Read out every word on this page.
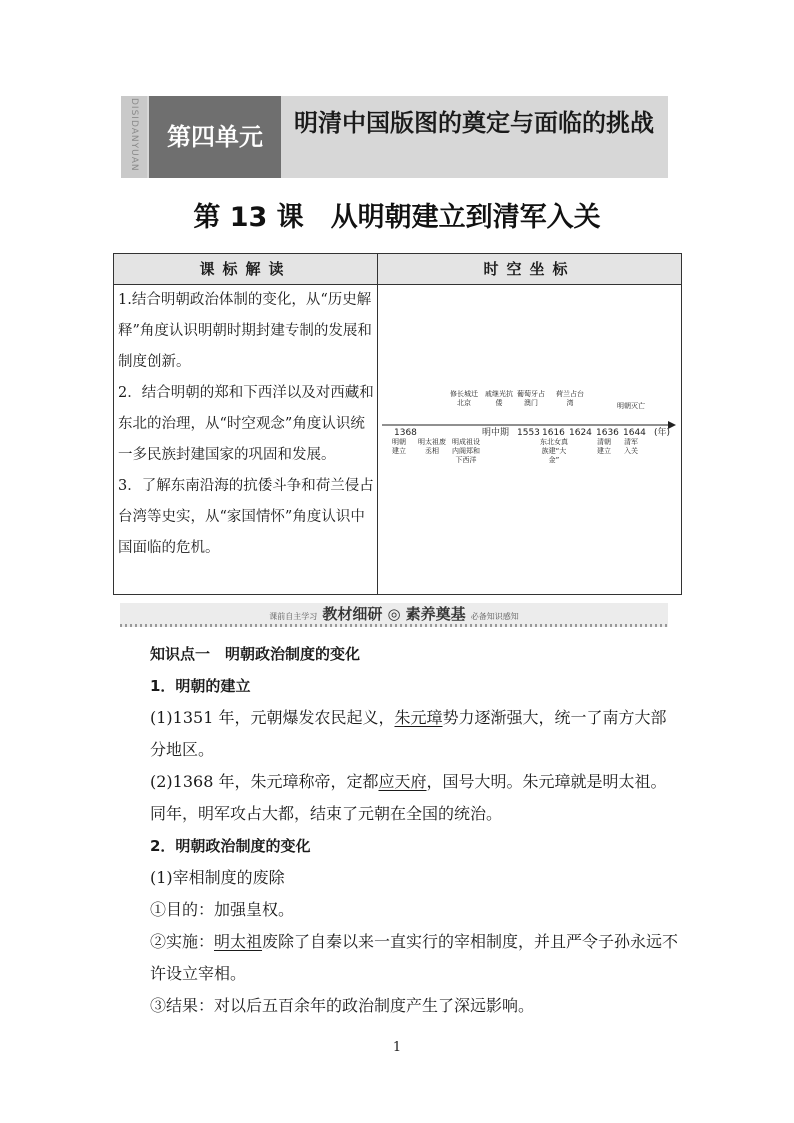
DISIDANYUAN	第四单元	明清中国版图的奠定与面临的挑战
第 13 课　从明朝建立到清军入关
课标解读	时空坐标

1.结合明朝政治体制的变化，从“历史解释”角度认识明朝时期封建专制的发展和制度创新。

2．结合明朝的郑和下西洋以及对西藏和东北的治理，从“时空观念”角度认识统一多民族封建国家的巩固和发展。

3．了解东南沿海的抗倭斗争和荷兰侵占台湾等史实，从“家国情怀”角度认识中国面临的危机。

1368	明中期 1553 1616 1624 1636 1644 (年)
修长城迁北京
戚继光抗倭
葡萄牙占澳门
荷兰占台湾	明朝灭亡
明朝建立
明太祖废丞相
明成祖设内阁郑和下西洋
东北女真族建“大金”
清朝建立
清军入关
课前自主学习 教材细研 ◎ 素养奠基 必备知识感知

知识点一　明朝政治制度的变化

1．明朝的建立

(1)1351 年，元朝爆发农民起义，朱元璋势力逐渐强大，统一了南方大部分地区。

(2)1368 年，朱元璋称帝，定都应天府，国号大明。朱元璋就是明太祖。同年，明军攻占大都，结束了元朝在全国的统治。

2．明朝政治制度的变化

(1)宰相制度的废除

①目的：加强皇权。

②实施：明太祖废除了自秦以来一直实行的宰相制度，并且严令子孙永远不许设立宰相。

③结果：对以后五百余年的政治制度产生了深远影响。

1
